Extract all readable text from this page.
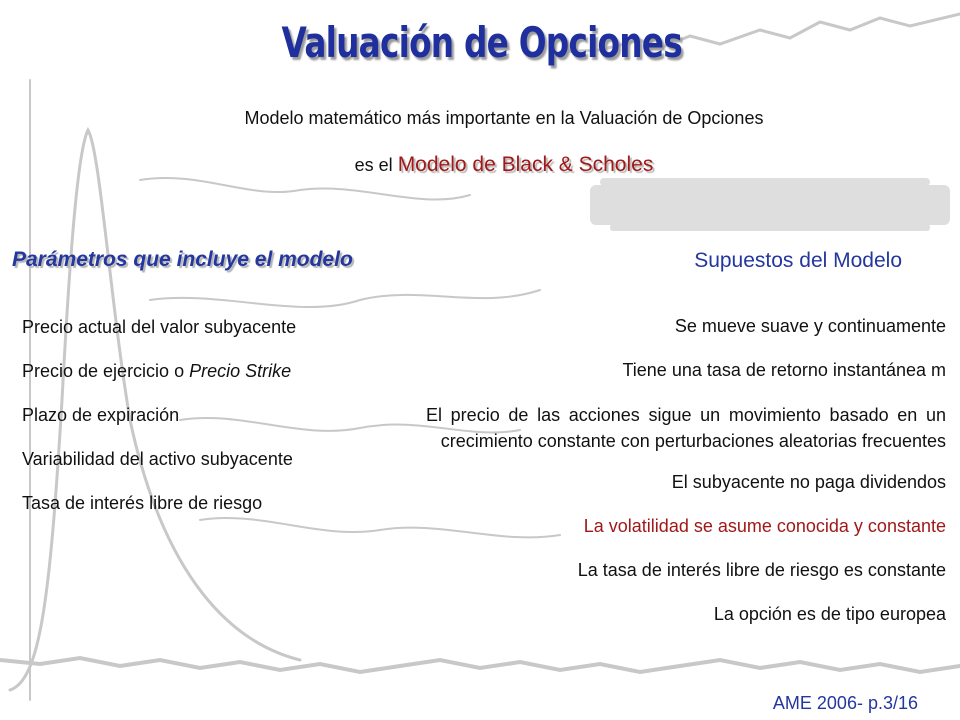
Valuación de Opciones
Modelo matemático más importante en la Valuación de Opciones
es el Modelo de Black & Scholes
Parámetros que incluye el modelo	Supuestos del Modelo
Precio actual del valor subyacente
Precio de ejercicio o Precio Strike
Plazo de expiración
Variabilidad del activo subyacente
Tasa de interés libre de riesgo
Se mueve suave y continuamente
Tiene una tasa de retorno instantánea m
El precio de las acciones sigue un movimiento basado en un crecimiento constante con perturbaciones aleatorias frecuentes
El subyacente no paga dividendos
La volatilidad se asume conocida y constante
La tasa de interés libre de riesgo es constante
La opción es de tipo europea
AME 2006- p.3/16
